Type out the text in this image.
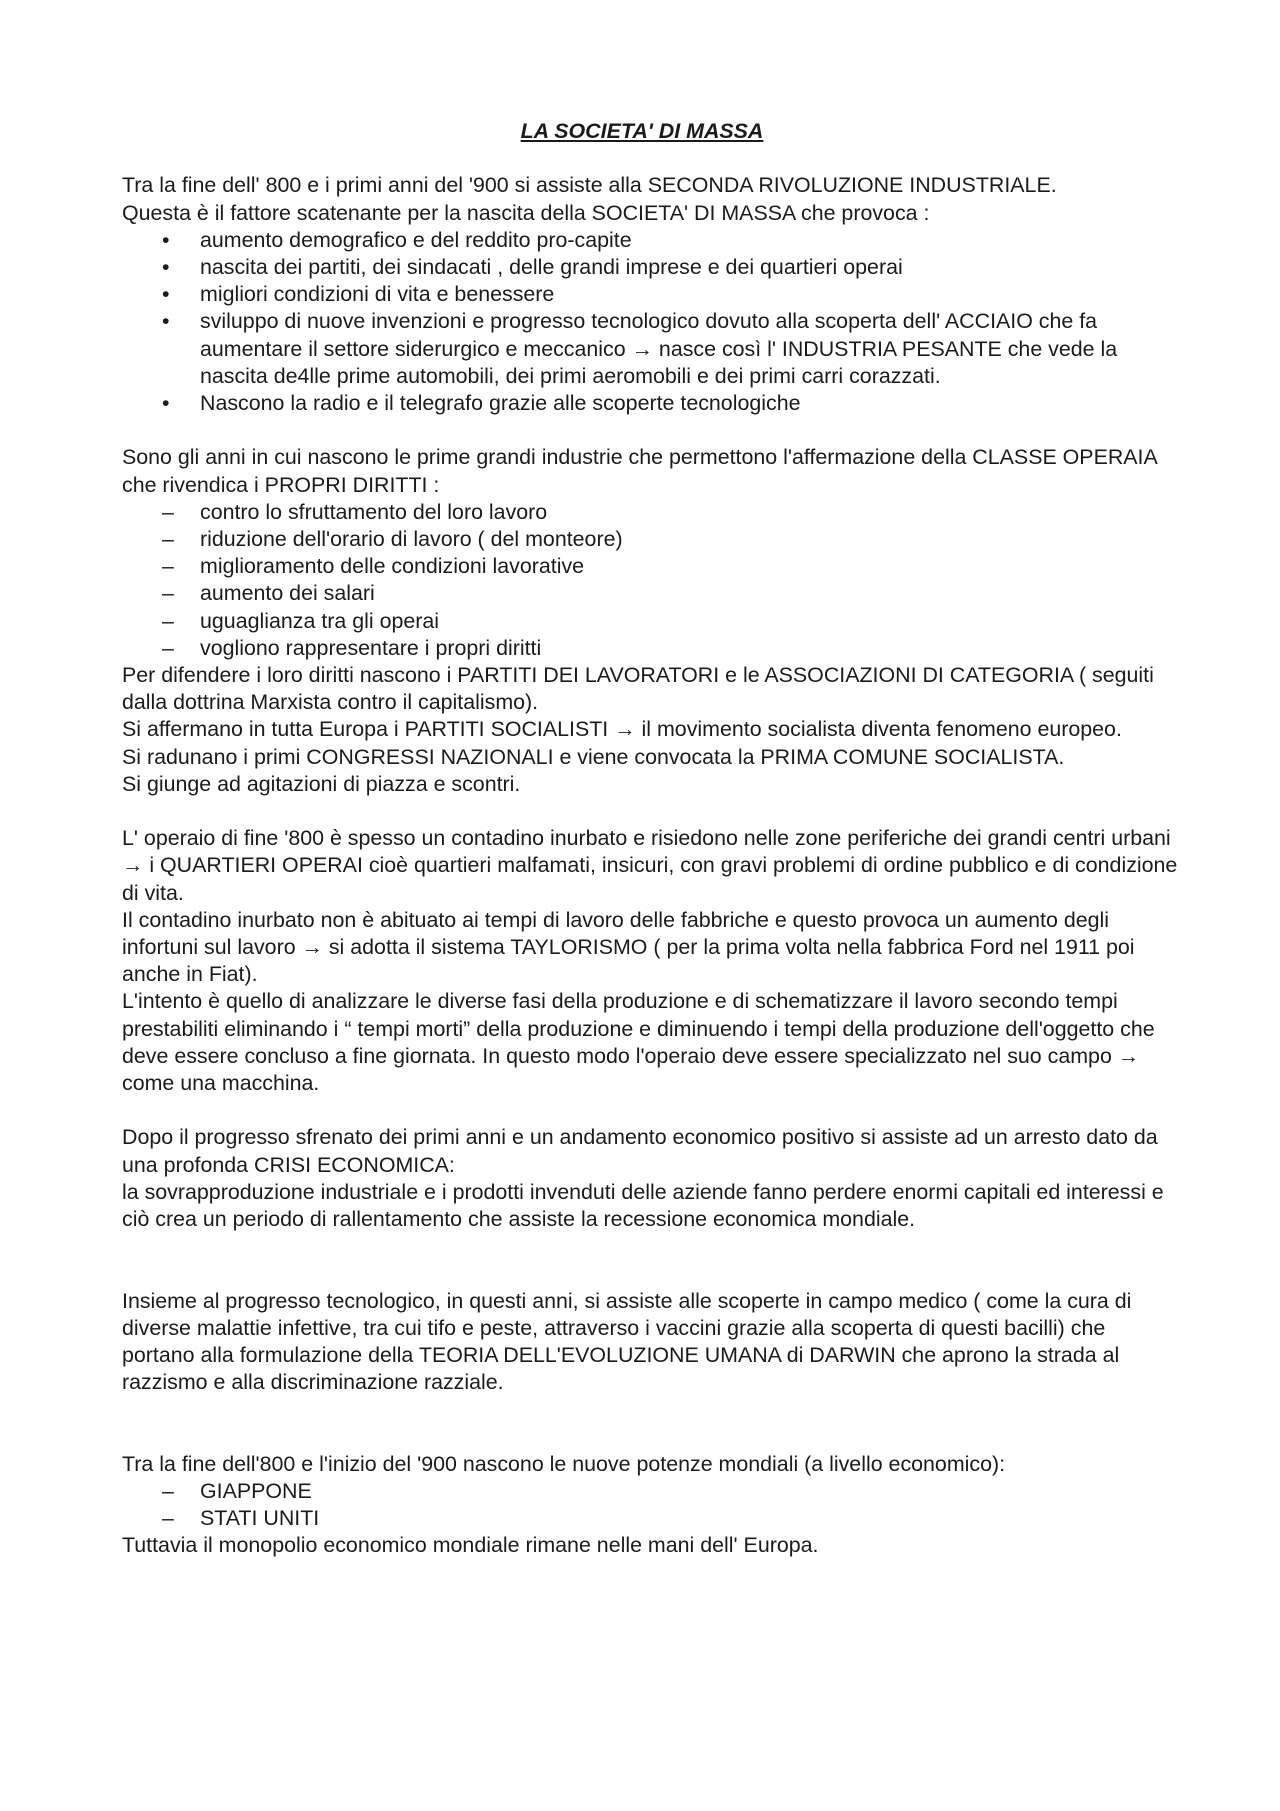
LA SOCIETA' DI MASSA

Tra la fine dell' 800 e i primi anni del '900 si assiste alla SECONDA RIVOLUZIONE INDUSTRIALE.

Questa è il fattore scatenante per la nascita della SOCIETA' DI MASSA che provoca :

• aumento demografico e del reddito pro-capite
• nascita dei partiti, dei sindacati , delle grandi imprese e dei quartieri operai
• migliori condizioni di vita e benessere
• sviluppo di nuove invenzioni e progresso tecnologico dovuto alla scoperta dell' ACCIAIO che fa aumentare il settore siderurgico e meccanico → nasce così l' INDUSTRIA PESANTE che vede la nascita de4lle prime automobili, dei primi aeromobili e dei primi carri corazzati.
• Nascono la radio e il telegrafo grazie alle scoperte tecnologiche

Sono gli anni in cui nascono le prime grandi industrie che permettono l'affermazione della CLASSE OPERAIA che rivendica i PROPRI DIRITTI :

– contro lo sfruttamento del loro lavoro
– riduzione dell'orario di lavoro ( del monteore)
– miglioramento delle condizioni lavorative
– aumento dei salari
– uguaglianza tra gli operai
– vogliono rappresentare i propri diritti

Per difendere i loro diritti nascono i PARTITI DEI LAVORATORI e le ASSOCIAZIONI DI CATEGORIA ( seguiti dalla dottrina Marxista contro il capitalismo).

Si affermano in tutta Europa i PARTITI SOCIALISTI → il movimento socialista diventa fenomeno europeo.

Si radunano i primi CONGRESSI NAZIONALI e viene convocata la PRIMA COMUNE SOCIALISTA.

Si giunge ad agitazioni di piazza e scontri.

L' operaio di fine '800 è spesso un contadino inurbato e risiedono nelle zone periferiche dei grandi centri urbani → i QUARTIERI OPERAI cioè quartieri malfamati, insicuri, con gravi problemi di ordine pubblico e di condizione di vita.

Il contadino inurbato non è abituato ai tempi di lavoro delle fabbriche e questo provoca un aumento degli infortuni sul lavoro → si adotta il sistema TAYLORISMO ( per la prima volta nella fabbrica Ford nel 1911 poi anche in Fiat).

L'intento è quello di analizzare le diverse fasi della produzione e di schematizzare il lavoro secondo tempi prestabiliti eliminando i “ tempi morti” della produzione e diminuendo i tempi della produzione dell'oggetto che deve essere concluso a fine giornata. In questo modo l'operaio deve essere specializzato nel suo campo → come una macchina.

Dopo il progresso sfrenato dei primi anni e un andamento economico positivo si assiste ad un arresto dato da una profonda CRISI ECONOMICA:

la sovrapproduzione industriale e i prodotti invenduti delle aziende fanno perdere enormi capitali ed interessi e ciò crea un periodo di rallentamento che assiste la recessione economica mondiale.

Insieme al progresso tecnologico, in questi anni, si assiste alle scoperte in campo medico ( come la cura di diverse malattie infettive, tra cui tifo e peste, attraverso i vaccini grazie alla scoperta di questi bacilli) che portano alla formulazione della TEORIA DELL'EVOLUZIONE UMANA di DARWIN che aprono la strada al razzismo e alla discriminazione razziale.

Tra la fine dell'800 e l'inizio del '900 nascono le nuove potenze mondiali (a livello economico):

– GIAPPONE
– STATI UNITI

Tuttavia il monopolio economico mondiale rimane nelle mani dell' Europa.
